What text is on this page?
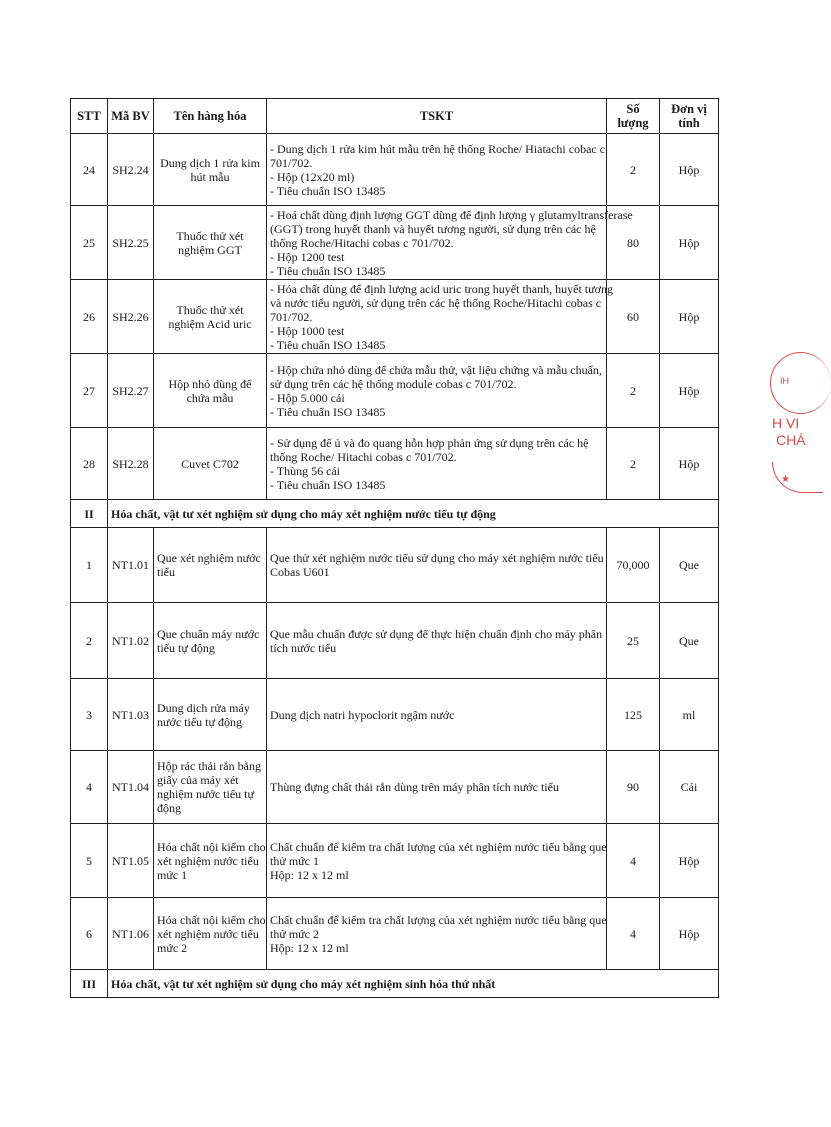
STT	Mã BV	Tên hàng hóa	TSKT	Số lượng	Đơn vị tính
24	SH2.24	Dung dịch 1 rửa kim hút mẫu	- Dung dịch 1 rửa kim hút mẫu trên hệ thống Roche/ Hiatachi cobac c
701/702.
- Hộp (12x20 ml)
- Tiêu chuẩn ISO 13485	2	Hộp
25	SH2.25	Thuốc thử xét nghiệm GGT	- Hoá chất dùng định lượng GGT dùng để định lượng γ glutamyltransferase
(GGT) trong huyết thanh và huyết tương người, sử dụng trên các hệ
thống Roche/Hitachi cobas c 701/702.
- Hộp 1200 test
- Tiêu chuẩn ISO 13485	80	Hộp
26	SH2.26	Thuốc thử xét nghiệm Acid uric	- Hóa chất dùng để định lượng acid uric trong huyết thanh, huyết tương
và nước tiểu người, sử dụng trên các hệ thống Roche/Hitachi cobas c
701/702.
- Hộp 1000 test
- Tiêu chuẩn ISO 13485	60	Hộp
27	SH2.27	Hộp nhỏ dùng để chứa mẫu	- Hộp chứa nhỏ dùng để chứa mẫu thử, vật liệu chứng và mẫu chuẩn,
sử dụng trên các hệ thống module cobas c 701/702.
- Hộp 5.000 cái
- Tiêu chuẩn ISO 13485	2	Hộp
28	SH2.28	Cuvet C702	- Sử dụng để ủ và đo quang hỗn hợp phản ứng sử dụng trên các hệ
thống Roche/ Hitachi cobas c 701/702.
- Thùng 56 cái
- Tiêu chuẩn ISO 13485	2	Hộp
II	Hóa chất, vật tư xét nghiệm sử dụng cho máy xét nghiệm nước tiểu tự động				
1	NT1.01	Que xét nghiệm nước
tiểu	Que thử xét nghiệm nước tiểu sử dụng cho máy xét nghiệm nước tiểu
Cobas U601	70,000	Que
2	NT1.02	Que chuẩn máy nước
tiểu tự động	Que mẫu chuẩn được sử dụng để thực hiện chuẩn định cho máy phân
tích nước tiểu	25	Que
3	NT1.03	Dung dịch rửa máy
nước tiểu tự động	Dung dịch natri hypoclorit ngậm nước	125	ml
4	NT1.04	Hộp rác thải rắn bằng
giấy của máy xét
nghiệm nước tiểu tự
động	Thùng đựng chất thải rắn dùng trên máy phân tích nước tiểu	90	Cái
5	NT1.05	Hóa chất nội kiểm cho
xét nghiệm nước tiểu
mức 1	Chất chuẩn để kiểm tra chất lượng của xét nghiệm nước tiểu bằng que
thử mức 1
Hộp: 12 x 12 ml	4	Hộp
6	NT1.06	Hóa chất nội kiểm cho
xét nghiệm nước tiểu
mức 2	Chất chuẩn để kiểm tra chất lượng của xét nghiệm nước tiểu bằng que
thử mức 2
Hộp: 12 x 12 ml	4	Hộp
III	Hóa chất, vật tư xét nghiệm sử dụng cho máy xét nghiệm sinh hóa thứ nhất				
IH
H VI
CHÁ
★
